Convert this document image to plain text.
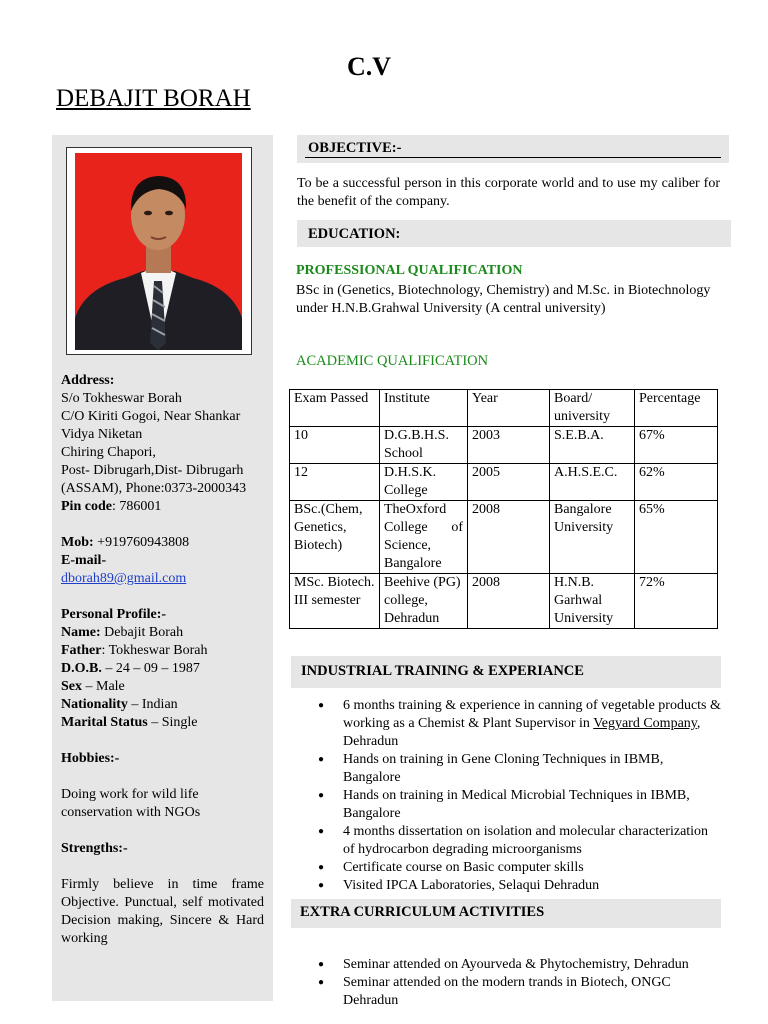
C.V
DEBAJIT BORAH
Address:
S/o Tokheswar Borah
C/O Kiriti Gogoi, Near Shankar
Vidya Niketan
Chiring Chapori,
Post- Dibrugarh,Dist- Dibrugarh
(ASSAM), Phone:0373-2000343
Pin code: 786001
Mob: +919760943808
E-mail-
dborah89@gmail.com
Personal Profile:-
Name: Debajit Borah
Father: Tokheswar Borah
D.O.B. – 24 – 09 – 1987
Sex – Male
Nationality – Indian
Marital Status – Single
Hobbies:-
Doing work for wild life conservation with NGOs
Strengths:-
Firmly believe in time frame Objective. Punctual, self motivated Decision making, Sincere & Hard working
OBJECTIVE:-
To be a successful person in this corporate world and to use my caliber for the benefit of the company.
EDUCATION:
PROFESSIONAL QUALIFICATION
BSc in (Genetics, Biotechnology, Chemistry) and M.Sc. in Biotechnology under H.N.B.Grahwal University (A central university)
ACADEMIC QUALIFICATION
Exam Passed	Institute	Year	Board/ university	Percentage
10	D.G.B.H.S. School	2003	S.E.B.A.	67%
12	D.H.S.K. College	2005	A.H.S.E.C.	62%
BSc.(Chem, Genetics, Biotech)	TheOxford College of Science, Bangalore	2008	Bangalore University	65%
MSc. Biotech. III semester	Beehive (PG) college, Dehradun	2008	H.N.B. Garhwal University	72%
INDUSTRIAL TRAINING & EXPERIANCE
● 6 months training & experience in canning of vegetable products & working as a Chemist & Plant Supervisor in Vegyard Company, Dehradun
● Hands on training in Gene Cloning Techniques in IBMB, Bangalore
● Hands on training in Medical Microbial Techniques in IBMB, Bangalore
● 4 months dissertation on isolation and molecular characterization of hydrocarbon degrading microorganisms
● Certificate course on Basic computer skills
● Visited IPCA Laboratories, Selaqui Dehradun
EXTRA CURRICULUM ACTIVITIES
● Seminar attended on Ayourveda & Phytochemistry, Dehradun
● Seminar attended on the modern trands in Biotech, ONGC Dehradun
